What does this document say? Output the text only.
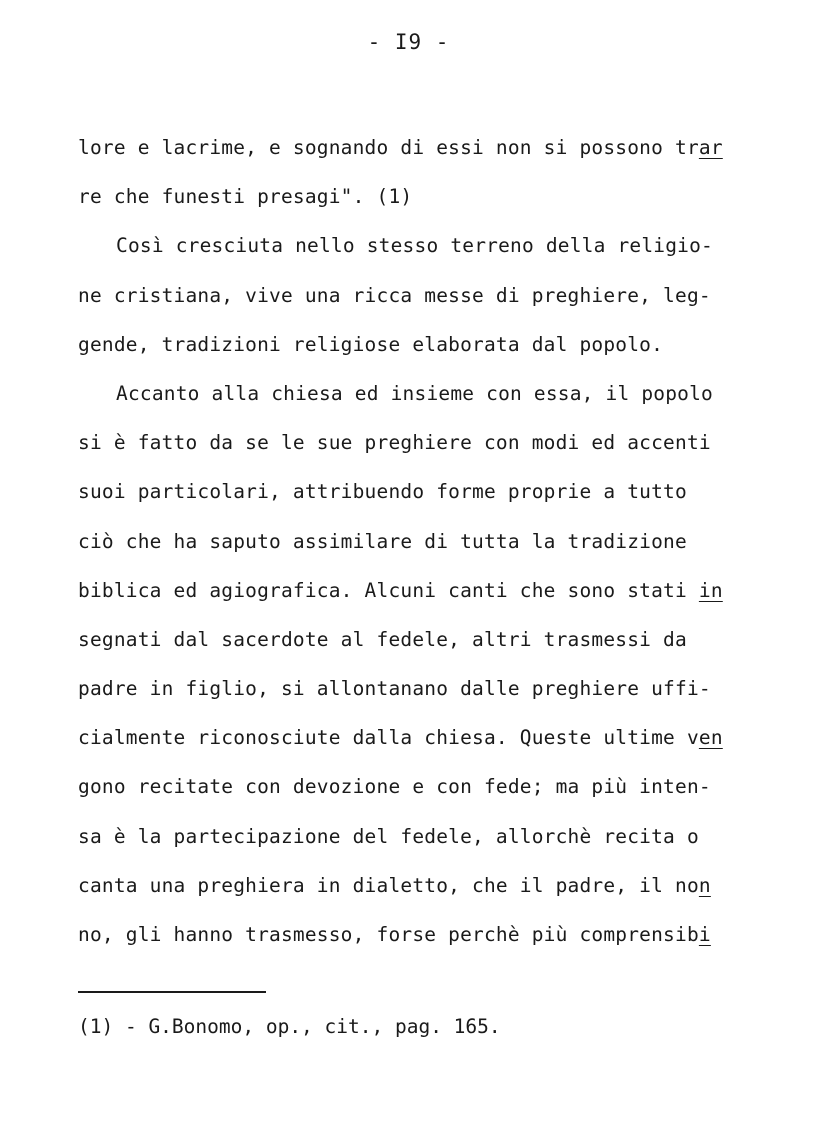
- I9 -
lore e lacrime, e sognando di essi non si possono trar
re che funesti presagi". (1)
Così cresciuta nello stesso terreno della religio-
ne cristiana, vive una ricca messe di preghiere, leg-
gende, tradizioni religiose elaborata dal popolo.
Accanto alla chiesa ed insieme con essa, il popolo
si è fatto da se le sue preghiere con modi ed accenti
suoi particolari, attribuendo forme proprie a tutto
ciò che ha saputo assimilare di tutta la tradizione
biblica ed agiografica. Alcuni canti che sono stati in
segnati dal sacerdote al fedele, altri trasmessi da
padre in figlio, si allontanano dalle preghiere uffi-
cialmente riconosciute dalla chiesa. Queste ultime ven
gono recitate con devozione e con fede; ma più inten-
sa è la partecipazione del fedele, allorchè recita o
canta una preghiera in dialetto, che il padre, il non
no, gli hanno trasmesso, forse perchè più comprensibi
(1) - G.Bonomo, op., cit., pag. 165.
